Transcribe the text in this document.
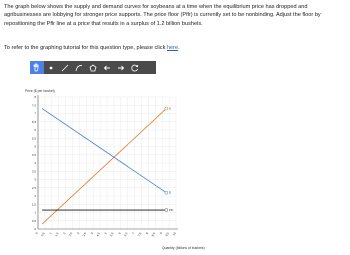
The graph below shows the supply and demand curves for soybeans at a time when the equilibrium price has dropped and agribusinesses are lobbying for stronger price supports. The price floor (Pflr) is currently set to be nonbinding. Adjust the floor by repositioning the Pflr line at a price that results in a surplus of 1.2 billion bushels.

To refer to the graphing tutorial for this question type, please click here.

0
0.5
1
1.5
2
2.5
3
3.5
4
4.5
5
5.5
6
6.5
7
7.5
8
0 0.5 1 1.5 2 2.5 3 3.5 4 4.5 5 5.5 6 6.5 7 7.5 8 8.5 9 9.5 10
Price ($ per bushel)
Quantity (billions of bushels)
S
D
Pflr
